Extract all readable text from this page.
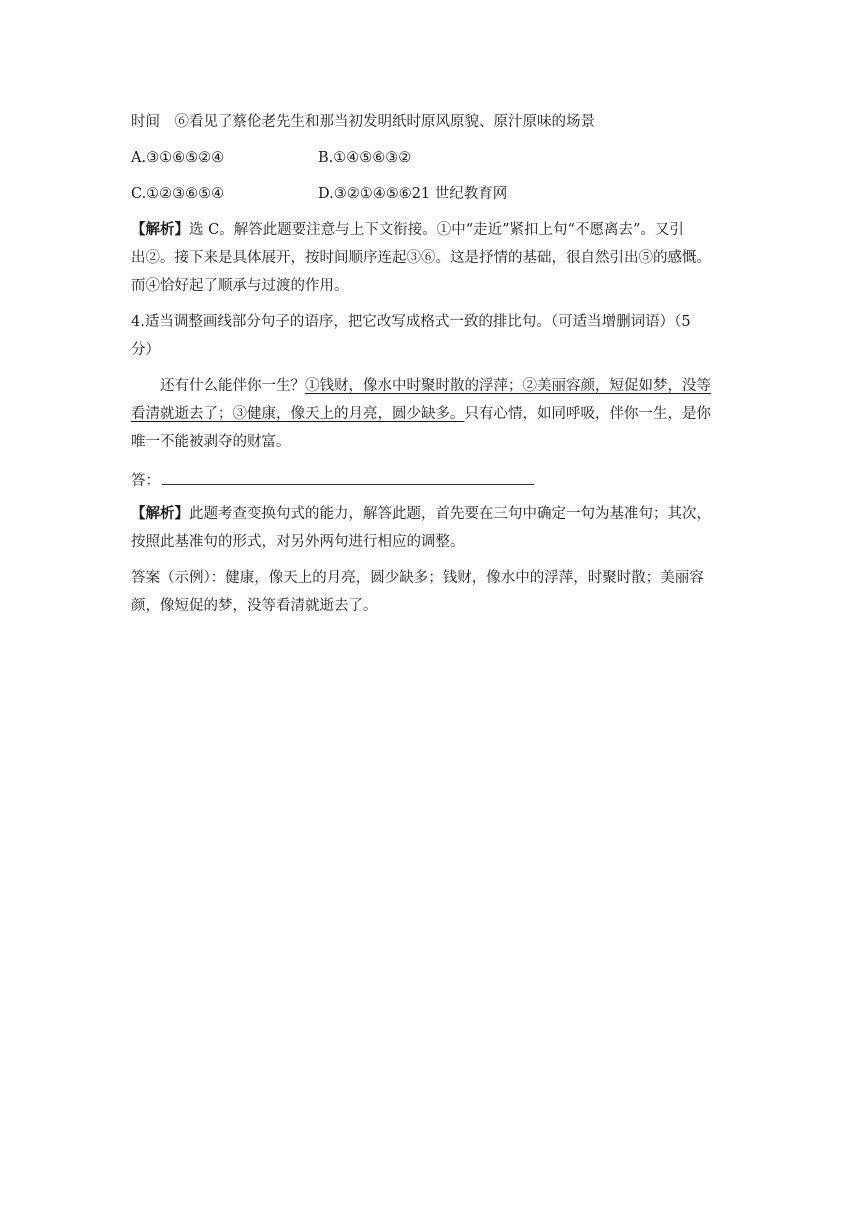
时间　⑥看见了蔡伦老先生和那当初发明纸时原风原貌、原汁原味的场景
A.③①⑥⑤②④	B.①④⑤⑥③②
C.①②③⑥⑤④	D.③②①④⑤⑥21 世纪教育网
【解析】选 C。解答此题要注意与上下文衔接。①中“走近”紧扣上句“不愿离去”。又引
出②。接下来是具体展开，按时间顺序连起③⑥。这是抒情的基础，很自然引出⑤的感慨。
而④恰好起了顺承与过渡的作用。
4.适当调整画线部分句子的语序，把它改写成格式一致的排比句。（可适当增删词语）（5
分）
还有什么能伴你一生？①钱财，像水中时聚时散的浮萍；②美丽容颜，短促如梦，没等
看清就逝去了；③健康，像天上的月亮，圆少缺多。只有心情，如同呼吸，伴你一生，是你
唯一不能被剥夺的财富。
答：
【解析】此题考查变换句式的能力，解答此题，首先要在三句中确定一句为基准句；其次，
按照此基准句的形式，对另外两句进行相应的调整。
答案（示例）：健康，像天上的月亮，圆少缺多；钱财，像水中的浮萍，时聚时散；美丽容
颜，像短促的梦，没等看清就逝去了。
